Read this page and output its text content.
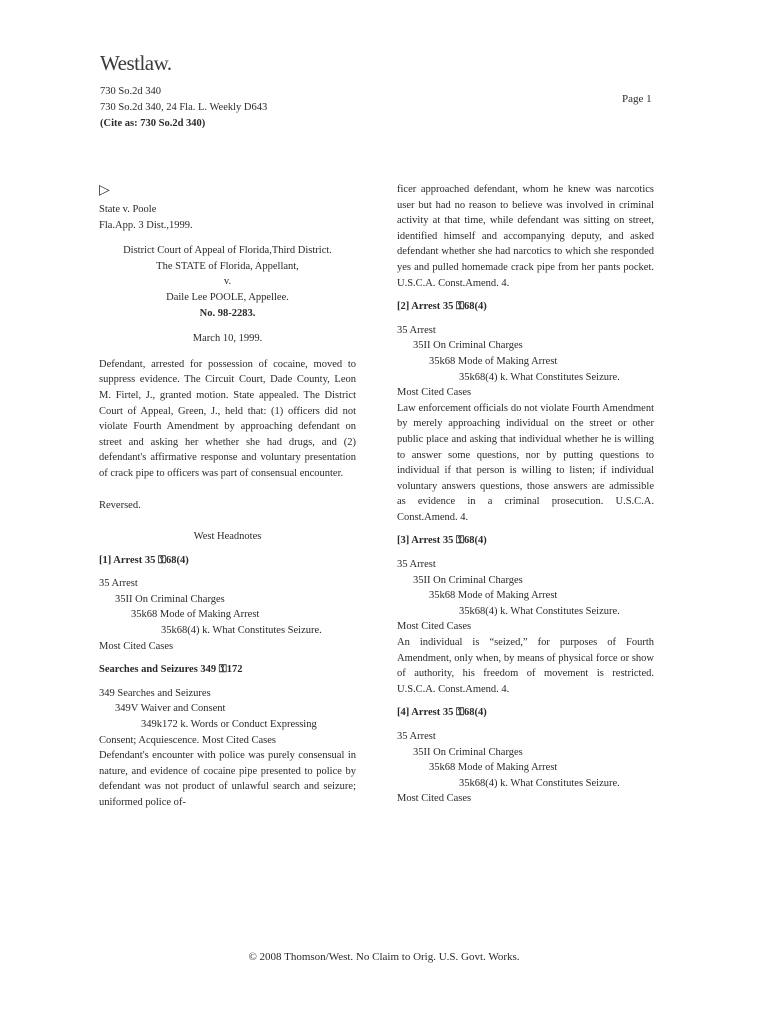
Westlaw.
730 So.2d 340
730 So.2d 340, 24 Fla. L. Weekly D643
(Cite as: 730 So.2d 340)
Page 1
▷
State v. Poole
Fla.App. 3 Dist.,1999.
District Court of Appeal of Florida,Third District.
The STATE of Florida, Appellant,
v.
Daile Lee POOLE, Appellee.
No. 98-2283.
March 10, 1999.
Defendant, arrested for possession of cocaine, moved to suppress evidence. The Circuit Court, Dade County, Leon M. Firtel, J., granted motion. State appealed. The District Court of Appeal, Green, J., held that: (1) officers did not violate Fourth Amendment by approaching defendant on street and asking her whether she had drugs, and (2) defendant's affirmative response and voluntary presentation of crack pipe to officers was part of consensual encounter.
Reversed.
West Headnotes
[1] Arrest 35 ⚿68(4)
35 Arrest
35II On Criminal Charges
35k68 Mode of Making Arrest
35k68(4) k. What Constitutes Seizure.
Most Cited Cases
Searches and Seizures 349 ⚿172
349 Searches and Seizures
349V Waiver and Consent
349k172 k. Words or Conduct Expressing Consent; Acquiescence. Most Cited Cases
Defendant's encounter with police was purely consensual in nature, and evidence of cocaine pipe presented to police by defendant was not product of unlawful search and seizure; uniformed police of-
ficer approached defendant, whom he knew was narcotics user but had no reason to believe was involved in criminal activity at that time, while defendant was sitting on street, identified himself and accompanying deputy, and asked defendant whether she had narcotics to which she responded yes and pulled homemade crack pipe from her pants pocket. U.S.C.A. Const.Amend. 4.
[2] Arrest 35 ⚿68(4)
35 Arrest
35II On Criminal Charges
35k68 Mode of Making Arrest
35k68(4) k. What Constitutes Seizure.
Most Cited Cases
Law enforcement officials do not violate Fourth Amendment by merely approaching individual on the street or other public place and asking that individual whether he is willing to answer some questions, nor by putting questions to individual if that person is willing to listen; if individual voluntary answers questions, those answers are admissible as evidence in a criminal prosecution. U.S.C.A. Const.Amend. 4.
[3] Arrest 35 ⚿68(4)
35 Arrest
35II On Criminal Charges
35k68 Mode of Making Arrest
35k68(4) k. What Constitutes Seizure.
Most Cited Cases
An individual is “seized,” for purposes of Fourth Amendment, only when, by means of physical force or show of authority, his freedom of movement is restricted. U.S.C.A. Const.Amend. 4.
[4] Arrest 35 ⚿68(4)
35 Arrest
35II On Criminal Charges
35k68 Mode of Making Arrest
35k68(4) k. What Constitutes Seizure.
Most Cited Cases
© 2008 Thomson/West. No Claim to Orig. U.S. Govt. Works.
